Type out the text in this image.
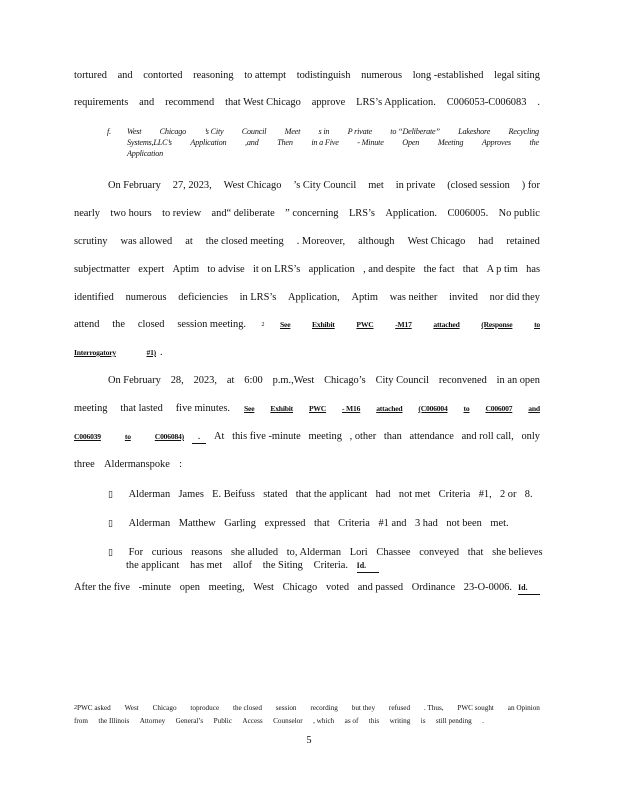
tortured and contorted reasoning to attempt todistinguish numerous long -established legal siting
requirements and recommend that West Chicago approve LRS’s Application. C006053-C006083 .
f.	West Chicago ’s City Council Meet s in P rivate to “Deliberate” Lakeshore Recycling
Systems,LLC’s Application ,and Then in a Five - Minute Open Meeting Approves the
Application
On February 27, 2023, West Chicago ’s City Council met in private (closed session ) for
nearly two hours to review and“ deliberate ” concerning LRS’s Application. C006005. No public
scrutiny was allowed at the closed meeting . Moreover, although West Chicago had retained
subjectmatter expert Aptim to advise it on LRS’s application , and despite the fact that A p tim has
identified numerous deficiencies in LRS’s Application, Aptim was neither invited nor did they
attend the closed session meeting.	2 See	Exhibit	PWC	-M17	attached	(Response	to
Interrogatory	#1) .
On February 28, 2023, at 6:00 p.m.,West Chicago’s City Council reconvened in an open
meeting that lasted five minutes. See Exhibit PWC - M16 attached (C006004 to C006007 and
C006039	to	C006084)	.	At this five -minute meeting , other than attendance and roll call, only
three Aldermanspoke :
▯ Alderman James E. Beifuss stated that the applicant had not met Criteria #1, 2 or 8.
▯ Alderman Matthew Garling expressed that Criteria #1 and 3 had not been met.
▯ For curious reasons she alluded to, Alderman Lori Chassee conveyed that she believes
the applicant has met allof the Siting Criteria. Id.
After the five -minute open meeting, West Chicago voted and passed Ordinance 23-O-0006. Id.
$^2$ PWC asked West Chicago toproduce the closed session recording but they refused . Thus, PWC sought an Opinion
from the Illinois Attorney General’s Public Access Counselor , which as of this writing is still pending .
5
